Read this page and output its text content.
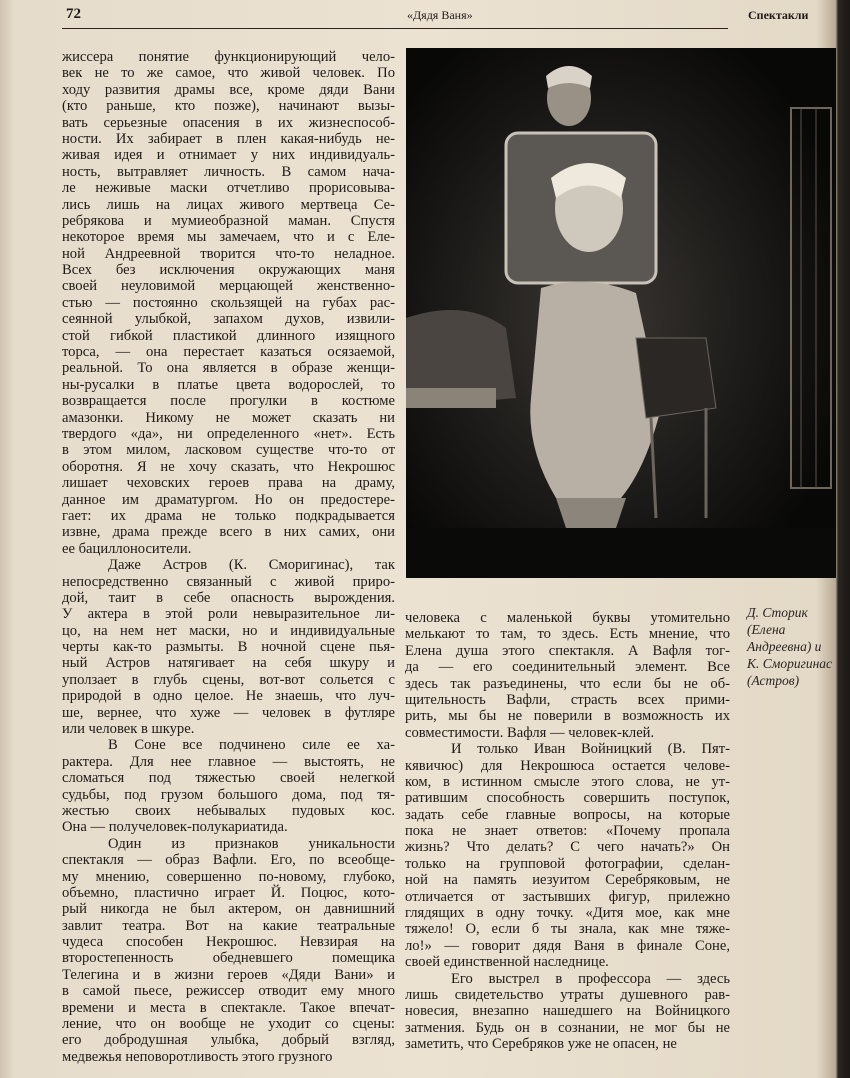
72	«Дядя Ваня»	Спектакли
жиссера понятие функционирующий чело-
век не то же самое, что живой человек. По
ходу развития драмы все, кроме дяди Вани
(кто раньше, кто позже), начинают вызы-
вать серьезные опасения в их жизнеспособ-
ности. Их забирает в плен какая-нибудь не-
живая идея и отнимает у них индивидуаль-
ность, вытравляет личность. В самом нача-
ле неживые маски отчетливо прорисовыва-
лись лишь на лицах живого мертвеца Се-
ребрякова и мумиеобразной маман. Спустя
некоторое время мы замечаем, что и с Еле-
ной Андреевной творится что-то неладное.
Всех без исключения окружающих маня
своей неуловимой мерцающей женственно-
стью — постоянно скользящей на губах рас-
сеянной улыбкой, запахом духов, извили-
стой гибкой пластикой длинного изящного
торса, — она перестает казаться осязаемой,
реальной. То она является в образе женщи-
ны-русалки в платье цвета водорослей, то
возвращается после прогулки в костюме
амазонки. Никому не может сказать ни
твердого «да», ни определенного «нет». Есть
в этом милом, ласковом существе что-то от
оборотня. Я не хочу сказать, что Некрошюс
лишает чеховских героев права на драму,
данное им драматургом. Но он предостере-
гает: их драма не только подкрадывается
извне, драма прежде всего в них самих, они
ее бациллоносители.
Даже Астров (К. Сморигинас), так
непосредственно связанный с живой приро-
дой, таит в себе опасность вырождения.
У актера в этой роли невыразительное ли-
цо, на нем нет маски, но и индивидуальные
черты как-то размыты. В ночной сцене пья-
ный Астров натягивает на себя шкуру и
уползает в глубь сцены, вот-вот сольется с
природой в одно целое. Не знаешь, что луч-
ше, вернее, что хуже — человек в футляре
или человек в шкуре.
В Соне все подчинено силе ее ха-
рактера. Для нее главное — выстоять, не
сломаться под тяжестью своей нелегкой
судьбы, под грузом большого дома, под тя-
жестью своих небывалых пудовых кос.
Она — получеловек-полукариатида.
Один из признаков уникальности
спектакля — образ Вафли. Его, по всеобще-
му мнению, совершенно по-новому, глубоко,
объемно, пластично играет Й. Поцюс, кото-
рый никогда не был актером, он давнишний
завлит театра. Вот на какие театральные
чудеса способен Некрошюс. Невзирая на
второстепенность обедневшего помещика
Телегина и в жизни героев «Дяди Вани» и
в самой пьесе, режиссер отводит ему много
времени и места в спектакле. Такое впечат-
ление, что он вообще не уходит со сцены:
его добродушная улыбка, добрый взгляд,
медвежья неповоротливость этого грузного
Д. Сторик
(Елена
Андреевна) и
К. Сморигинас
(Астров)
человека с маленькой буквы утомительно
мелькают то там, то здесь. Есть мнение, что
Елена душа этого спектакля. А Вафля тог-
да — его соединительный элемент. Все
здесь так разъединены, что если бы не об-
щительность Вафли, страсть всех прими-
рить, мы бы не поверили в возможность их
совместимости. Вафля — человек-клей.
И только Иван Войницкий (В. Пят-
кявичюс) для Некрошюса остается челове-
ком, в истинном смысле этого слова, не ут-
ратившим способность совершить поступок,
задать себе главные вопросы, на которые
пока не знает ответов: «Почему пропала
жизнь? Что делать? С чего начать?» Он
только на групповой фотографии, сделан-
ной на память иезуитом Серебряковым, не
отличается от застывших фигур, прилежно
глядящих в одну точку. «Дитя мое, как мне
тяжело! О, если б ты знала, как мне тяже-
ло!» — говорит дядя Ваня в финале Соне,
своей единственной наследнице.
Его выстрел в профессора — здесь
лишь свидетельство утраты душевного рав-
новесия, внезапно нашедшего на Войницкого
затмения. Будь он в сознании, не мог бы не
заметить, что Серебряков уже не опасен, не
